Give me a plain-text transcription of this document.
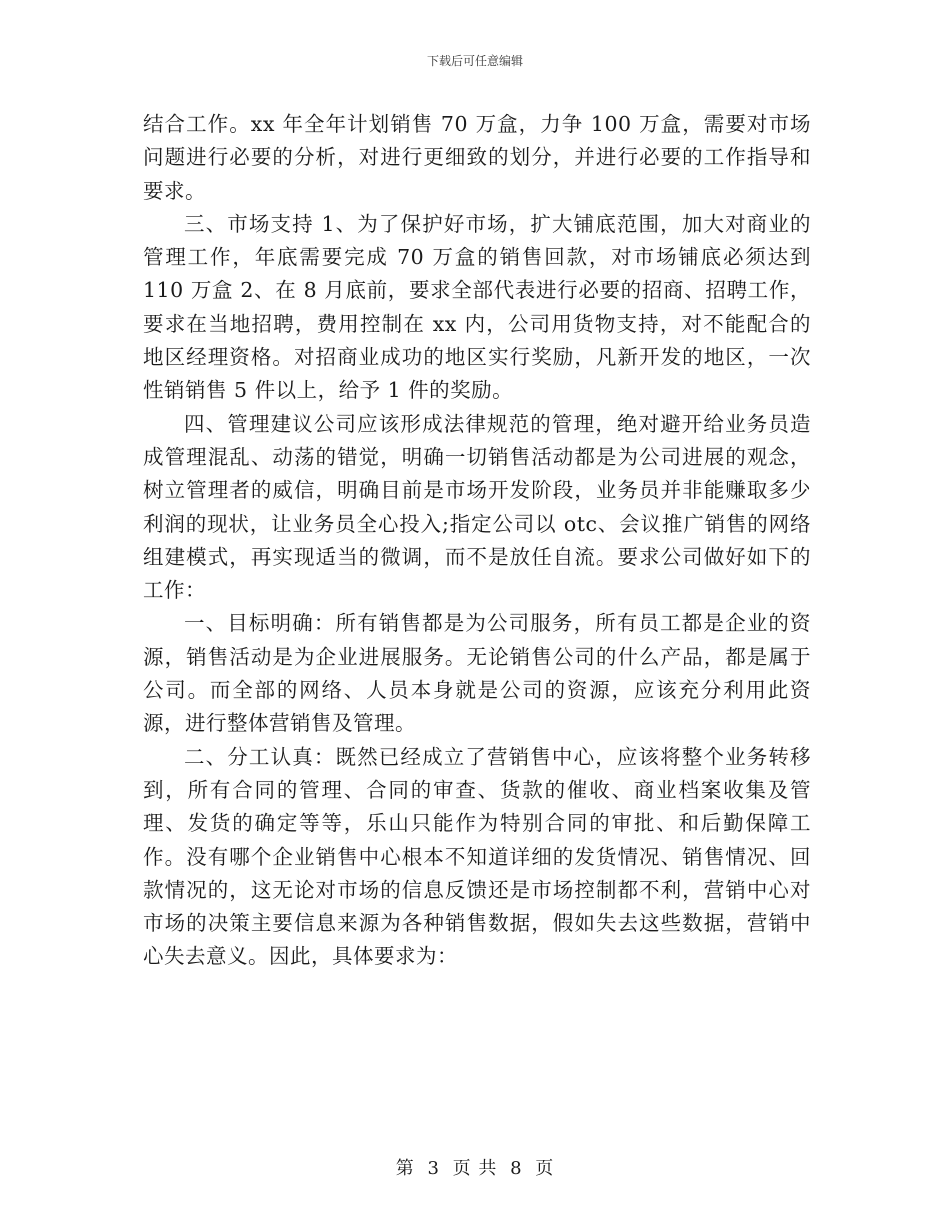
下载后可任意编辑

结合工作。xx 年全年计划销售 70 万盒，力争 100 万盒，需要对市场问题进行必要的分析，对进行更细致的划分，并进行必要的工作指导和要求。

三、市场支持 1、为了保护好市场，扩大铺底范围，加大对商业的管理工作，年底需要完成 70 万盒的销售回款，对市场铺底必须达到 110 万盒 2、在 8 月底前，要求全部代表进行必要的招商、招聘工作，要求在当地招聘，费用控制在 xx 内，公司用货物支持，对不能配合的地区经理资格。对招商业成功的地区实行奖励，凡新开发的地区，一次性销销售 5 件以上，给予 1 件的奖励。

四、管理建议公司应该形成法律规范的管理，绝对避开给业务员造成管理混乱、动荡的错觉，明确一切销售活动都是为公司进展的观念，树立管理者的威信，明确目前是市场开发阶段，业务员并非能赚取多少利润的现状，让业务员全心投入;指定公司以 otc、会议推广销售的网络组建模式，再实现适当的微调，而不是放任自流。要求公司做好如下的工作：

一、目标明确：所有销售都是为公司服务，所有员工都是企业的资源，销售活动是为企业进展服务。无论销售公司的什么产品，都是属于公司。而全部的网络、人员本身就是公司的资源，应该充分利用此资源，进行整体营销售及管理。

二、分工认真：既然已经成立了营销售中心，应该将整个业务转移到，所有合同的管理、合同的审查、货款的催收、商业档案收集及管理、发货的确定等等，乐山只能作为特别合同的审批、和后勤保障工作。没有哪个企业销售中心根本不知道详细的发货情况、销售情况、回款情况的，这无论对市场的信息反馈还是市场控制都不利，营销中心对市场的决策主要信息来源为各种销售数据，假如失去这些数据，营销中心失去意义。因此，具体要求为：

第 3 页 共 8 页
